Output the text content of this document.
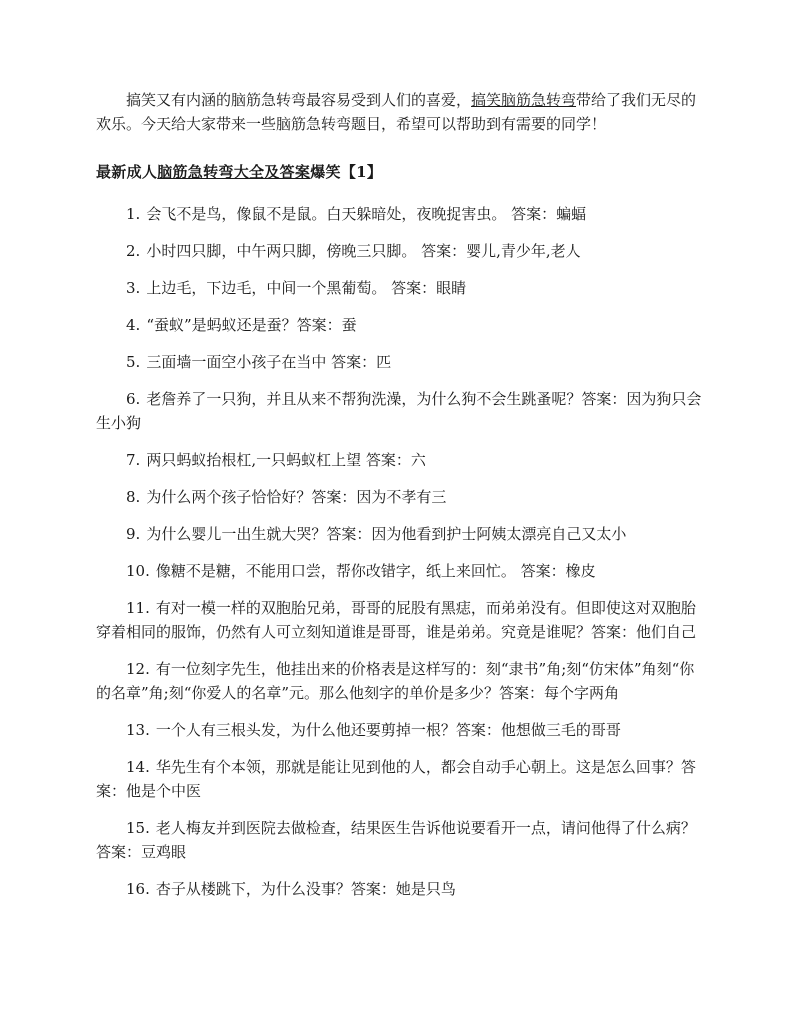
搞笑又有内涵的脑筋急转弯最容易受到人们的喜爱，搞笑脑筋急转弯带给了我们无尽的欢乐。今天给大家带来一些脑筋急转弯题目，希望可以帮助到有需要的同学！

最新成人脑筋急转弯大全及答案爆笑【1】

1. 会飞不是鸟，像鼠不是鼠。白天躲暗处，夜晚捉害虫。 答案：蝙蝠
2. 小时四只脚，中午两只脚，傍晚三只脚。 答案：婴儿,青少年,老人
3. 上边毛，下边毛，中间一个黑葡萄。 答案：眼睛
4. “蚕蚁”是蚂蚁还是蚕？答案：蚕
5. 三面墙一面空小孩子在当中 答案：匹
6. 老詹养了一只狗，并且从来不帮狗洗澡，为什么狗不会生跳蚤呢？答案：因为狗只会生小狗
7. 两只蚂蚁抬根杠,一只蚂蚁杠上望 答案：六
8. 为什么两个孩子恰恰好？答案：因为不孝有三
9. 为什么婴儿一出生就大哭？答案：因为他看到护士阿姨太漂亮自己又太小
10. 像糖不是糖，不能用口尝，帮你改错字，纸上来回忙。 答案：橡皮
11. 有对一模一样的双胞胎兄弟，哥哥的屁股有黑痣，而弟弟没有。但即使这对双胞胎穿着相同的服饰，仍然有人可立刻知道谁是哥哥，谁是弟弟。究竟是谁呢？答案：他们自己
12. 有一位刻字先生，他挂出来的价格表是这样写的：刻“隶书”角;刻“仿宋体”角刻“你的名章”角;刻“你爱人的名章”元。那么他刻字的单价是多少？答案：每个字两角
13. 一个人有三根头发，为什么他还要剪掉一根？答案：他想做三毛的哥哥
14. 华先生有个本领，那就是能让见到他的人，都会自动手心朝上。这是怎么回事？答案：他是个中医
15. 老人梅友并到医院去做检查，结果医生告诉他说要看开一点，请问他得了什么病？答案：豆鸡眼
16. 杏子从楼跳下，为什么没事？答案：她是只鸟
